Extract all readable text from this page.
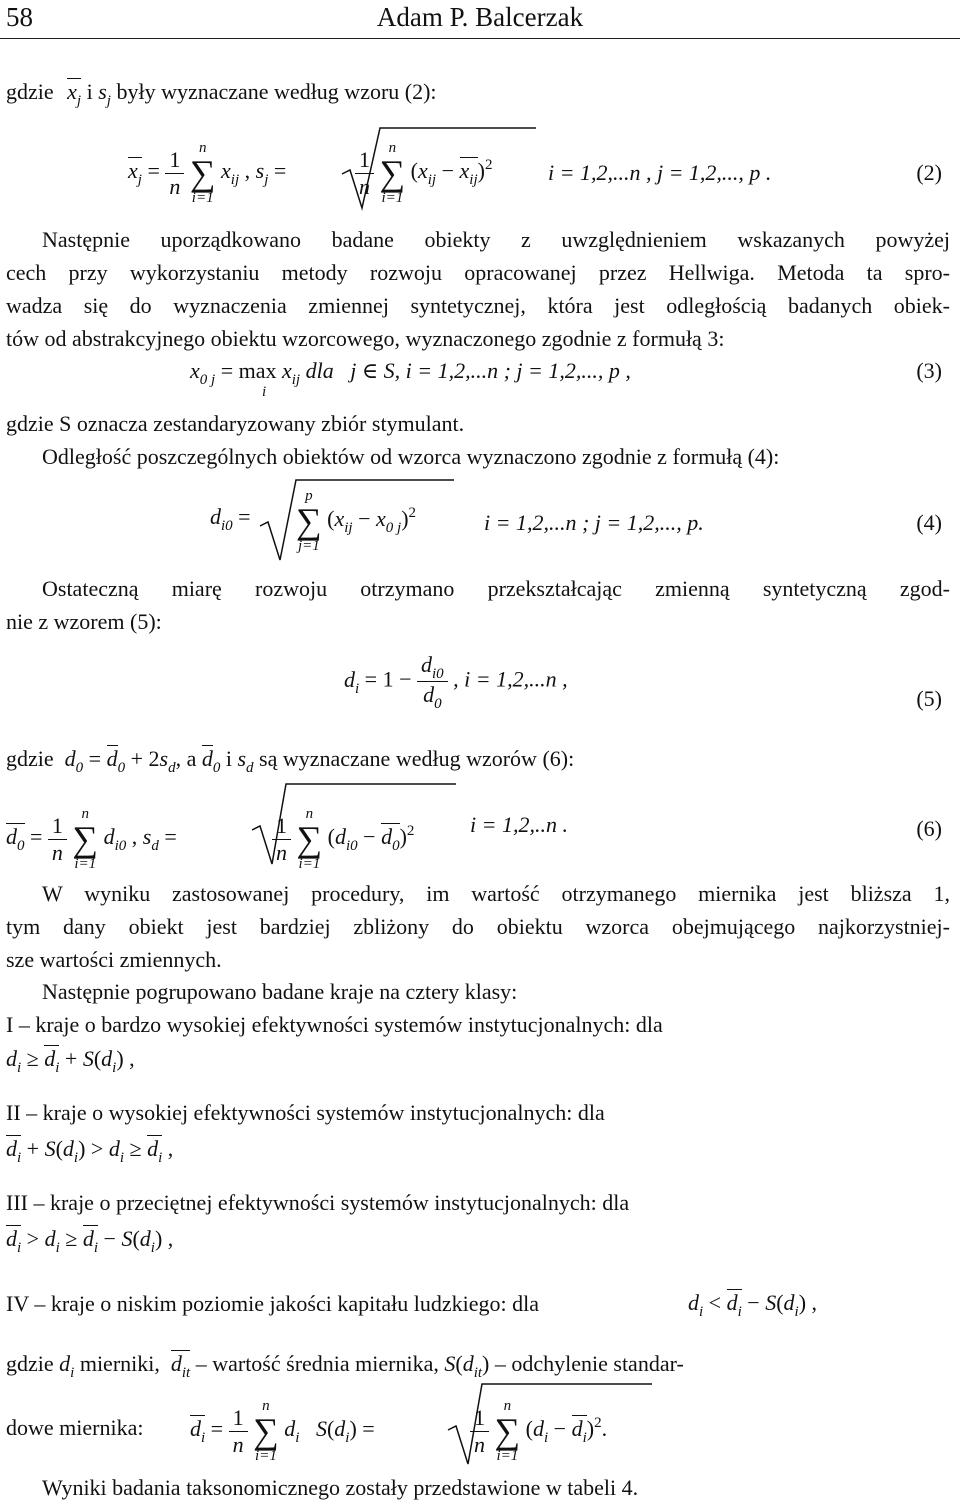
58	Adam P. Balcerzak
gdzie $x_j$ i $s_j$ były wyznaczane według wzoru (2):
$x_j = \frac{1}{n}$
n
∑
i=1
$x_{ij}$ , $s_j$ =	$\frac{1}{n}$
n
∑
i=1
$(x_{ij} - x_{ij})^2$	i = 1,2,...n , j = 1,2,..., p .	(2)
Następnie uporządkowano badane obiekty z uwzględnieniem wskazanych powyżej
cech przy wykorzystaniu metody rozwoju opracowanej przez Hellwiga. Metoda ta spro-
wadza się do wyznaczenia zmiennej syntetycznej, która jest odległością badanych obiek-
tów od abstrakcyjnego obiektu wzorcowego, wyznaczonego zgodnie z formułą 3:
$x_{0 j} = \max x_{ij}$ dla j ∈ S, i = 1,2,...n ; j = 1,2,..., p ,
i
(3)
gdzie S oznacza zestandaryzowany zbiór stymulant.
Odległość poszczególnych obiektów od wzorca wyznaczono zgodnie z formułą (4):
$d_{i0}$ =
p
∑
j=1
$(x_{ij} - x_{0 j})^2$	i = 1,2,...n ; j = 1,2,..., p.	(4)
Ostateczną miarę rozwoju otrzymano przekształcając zmienną syntetyczną zgod-
nie z wzorem (5):
$d_i = 1 - \frac{d_{i0}}{d_0}$ , i = 1,2,...n ,
(5)
gdzie $d_0 = d_0 + 2s_d$, a $d_0$ i $s_d$ są wyznaczane według wzorów (6):
$d_0 = \frac{1}{n}$
n
∑
i=1
$d_{i0}$ , $s_d$ =	$\frac{1}{n}$
n
∑
i=1
$(d_{i0} - d_0)^2$	i = 1,2,..n .	(6)
W wyniku zastosowanej procedury, im wartość otrzymanego miernika jest bliższa 1,
tym dany obiekt jest bardziej zbliżony do obiektu wzorca obejmującego najkorzystniej-
sze wartości zmiennych.
Następnie pogrupowano badane kraje na cztery klasy:
I – kraje o bardzo wysokiej efektywności systemów instytucjonalnych: dla
$d_i \ge d_i + S(d_i)$ ,
II – kraje o wysokiej efektywności systemów instytucjonalnych: dla
$d_i + S(d_i) > d_i \ge d_i$ ,
III – kraje o przeciętnej efektywności systemów instytucjonalnych: dla
$d_i > d_i \ge d_i - S(d_i)$ ,
IV – kraje o niskim poziomie jakości kapitału ludzkiego: dla	$d_i < d_i - S(d_i)$ ,
gdzie $d_i$ mierniki, $d_{it}$ – wartość średnia miernika, $S(d_{it})$ – odchylenie standar-
dowe miernika: $d_i = \frac{1}{n}$
n
∑
i=1
$d_i$ $S(d_i)$ =	$\frac{1}{n}$
n
∑
i=1
$(d_i - d_i)^2$.
Wyniki badania taksonomicznego zostały przedstawione w tabeli 4.
